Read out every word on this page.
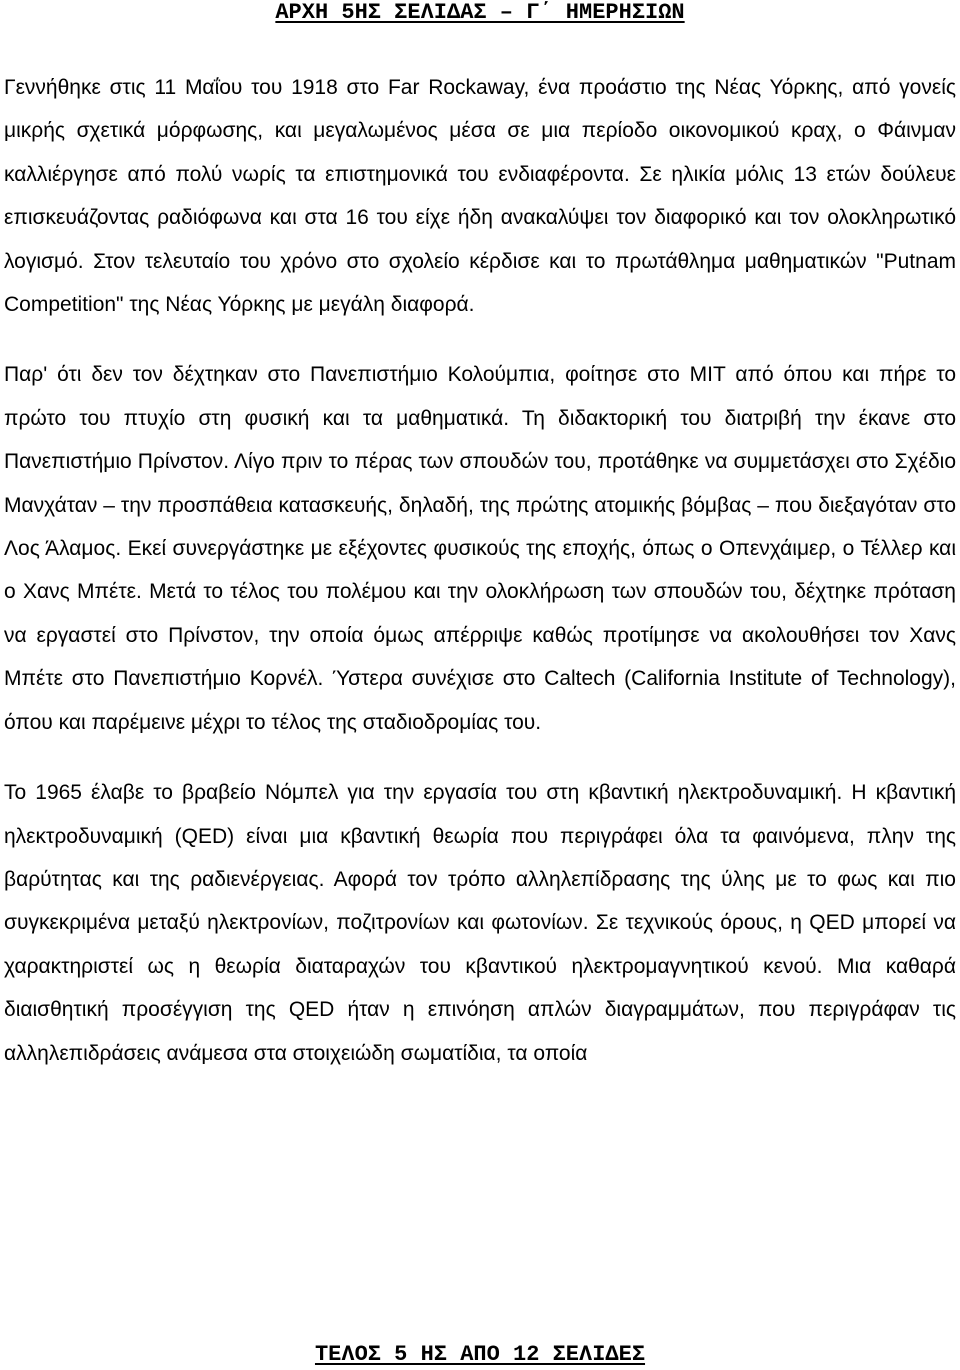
ΑΡΧΗ 5ΗΣ ΣΕΛΙΔΑΣ – Γ΄ ΗΜΕΡΗΣΙΩΝ

Γεννήθηκε στις 11 Μαΐου του 1918 στο Far Rockaway, ένα προάστιο της Νέας Υόρκης, από γονείς μικρής σχετικά μόρφωσης, και μεγαλωμένος μέσα σε μια περίοδο οικονομικού κραχ, ο Φάινμαν καλλιέργησε από πολύ νωρίς τα επιστημονικά του ενδιαφέροντα. Σε ηλικία μόλις 13 ετών δούλευε επισκευάζοντας ραδιόφωνα και στα 16 του είχε ήδη ανακαλύψει τον διαφορικό και τον ολοκληρωτικό λογισμό. Στον τελευταίο του χρόνο στο σχολείο κέρδισε και το πρωτάθλημα μαθηματικών "Putnam Competition" της Νέας Υόρκης με μεγάλη διαφορά.

Παρ' ότι δεν τον δέχτηκαν στο Πανεπιστήμιο Κολούμπια, φοίτησε στο ΜΙΤ από όπου και πήρε το πρώτο του πτυχίο στη φυσική και τα μαθηματικά. Τη διδακτορική του διατριβή την έκανε στο Πανεπιστήμιο Πρίνστον. Λίγο πριν το πέρας των σπουδών του, προτάθηκε να συμμετάσχει στο Σχέδιο Μανχάταν – την προσπάθεια κατασκευής, δηλαδή, της πρώτης ατομικής βόμβας – που διεξαγόταν στο Λος Άλαμος. Εκεί συνεργάστηκε με εξέχοντες φυσικούς της εποχής, όπως ο Οπενχάιμερ, ο Τέλλερ και ο Χανς Μπέτε. Μετά το τέλος του πολέμου και την ολοκλήρωση των σπουδών του, δέχτηκε πρόταση να εργαστεί στο Πρίνστον, την οποία όμως απέρριψε καθώς προτίμησε να ακολουθήσει τον Χανς Μπέτε στο Πανεπιστήμιο Κορνέλ. Ύστερα συνέχισε στο Caltech (California Institute of Technology), όπου και παρέμεινε μέχρι το τέλος της σταδιοδρομίας του.

Το 1965 έλαβε το βραβείο Νόμπελ για την εργασία του στη κβαντική ηλεκτροδυναμική. Η κβαντική ηλεκτροδυναμική (QED) είναι μια κβαντική θεωρία που περιγράφει όλα τα φαινόμενα, πλην της βαρύτητας και της ραδιενέργειας. Αφορά τον τρόπο αλληλεπίδρασης της ύλης με το φως και πιο συγκεκριμένα μεταξύ ηλεκτρονίων, ποζιτρονίων και φωτονίων. Σε τεχνικούς όρους, η QED μπορεί να χαρακτηριστεί ως η θεωρία διαταραχών του κβαντικού ηλεκτρομαγνητικού κενού. Μια καθαρά διαισθητική προσέγγιση της QED ήταν η επινόηση απλών διαγραμμάτων, που περιγράφαν τις αλληλεπιδράσεις ανάμεσα στα στοιχειώδη σωματίδια, τα οποία

ΤΕΛΟΣ 5 ΗΣ ΑΠΟ 12 ΣΕΛΙΔΕΣ
